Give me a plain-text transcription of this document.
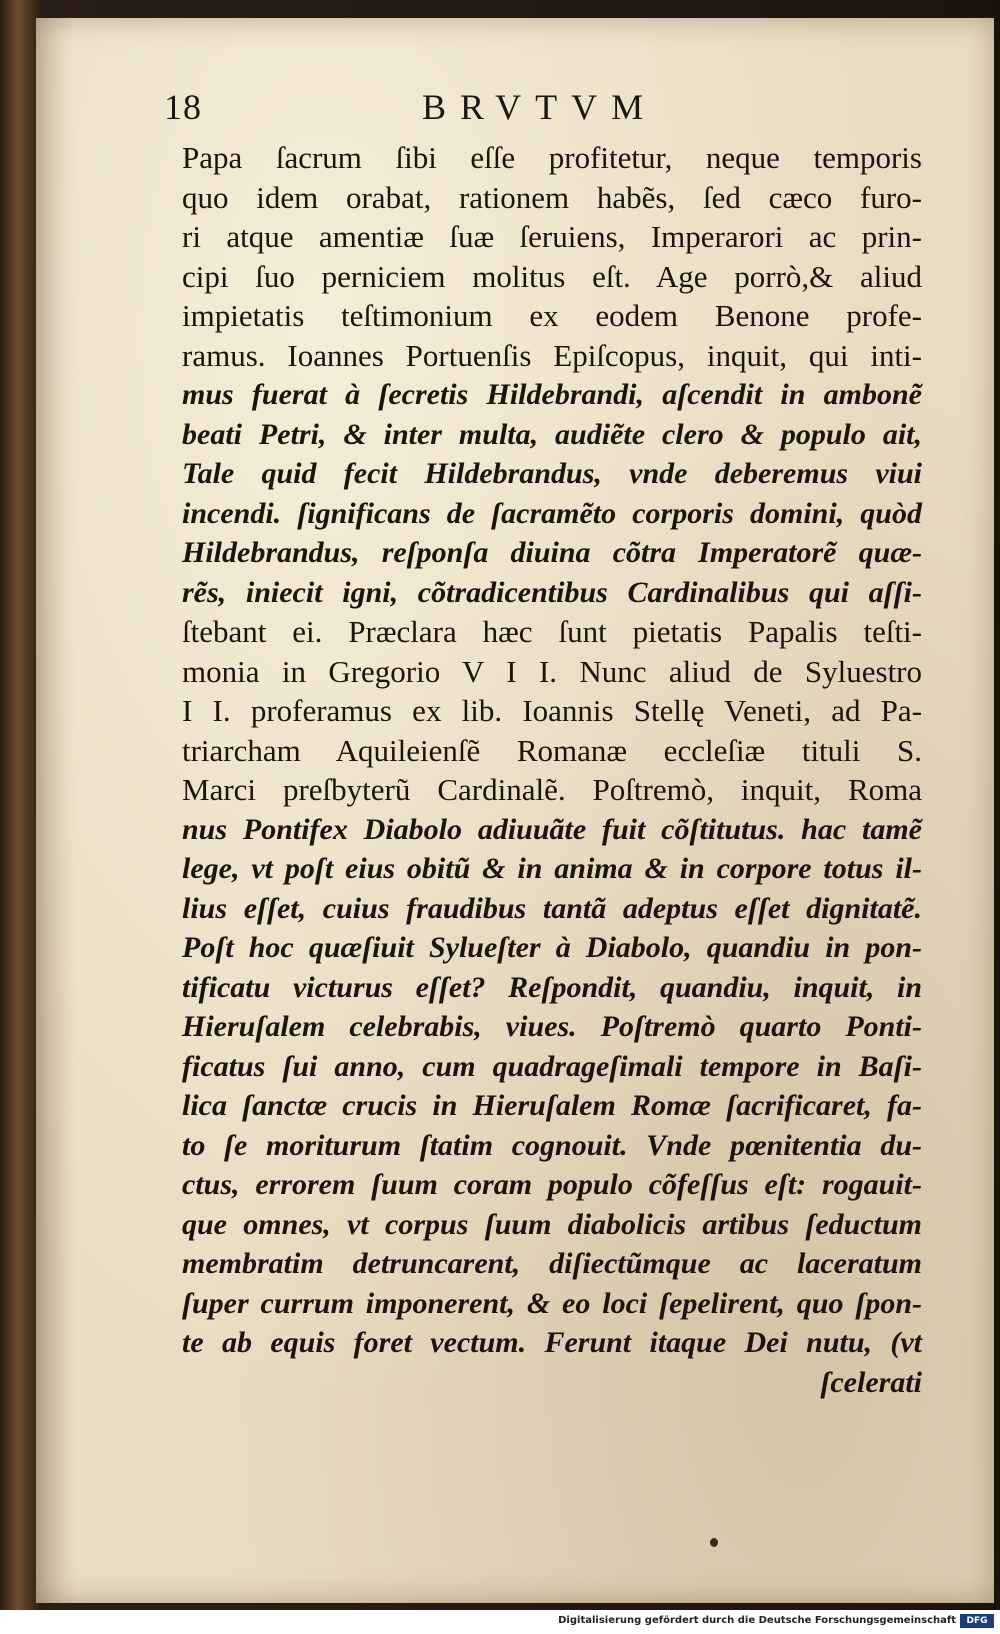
18	BRVTVM
Papa ſacrum ſibi eſſe profitetur, neque temporis
quo idem orabat, rationem habẽs, ſed cæco furo-
ri atque amentiæ ſuæ ſeruiens, Imperarori ac prin-
cipi ſuo perniciem molitus eſt. Age porrò,& aliud
impietatis teſtimonium ex eodem Benone profe-
ramus. Ioannes Portuenſis Epiſcopus, inquit, qui inti-
mus fuerat à ſecretis Hildebrandi, aſcendit in ambonẽ
beati Petri, & inter multa, audiẽte clero & populo ait,
Tale quid fecit Hildebrandus, vnde deberemus viui
incendi. ſignificans de ſacramẽto corporis domini, quòd
Hildebrandus, reſponſa diuina cõtra Imperatorẽ quæ-
rẽs, iniecit igni, cõtradicentibus Cardinalibus qui aſſi-
ſtebant ei. Præclara hæc ſunt pietatis Papalis teſti-
monia in Gregorio V I I. Nunc aliud de Syluestro
I I. proferamus ex lib. Ioannis Stellę Veneti, ad Pa-
triarcham Aquileienſẽ Romanæ eccleſiæ tituli S.
Marci preſbyterũ Cardinalẽ. Poſtremò, inquit, Roma
nus Pontifex Diabolo adiuuãte fuit cõſtitutus. hac tamẽ
lege, vt poſt eius obitũ & in anima & in corpore totus il-
lius eſſet, cuius fraudibus tantã adeptus eſſet dignitatẽ.
Poſt hoc quæſiuit Sylueſter à Diabolo, quandiu in pon-
tificatu victurus eſſet? Reſpondit, quandiu, inquit, in
Hieruſalem celebrabis, viues. Poſtremò quarto Ponti-
ficatus ſui anno, cum quadrageſimali tempore in Baſi-
lica ſanctæ crucis in Hieruſalem Romæ ſacrificaret, fa-
to ſe moriturum ſtatim cognouit. Vnde pœnitentia du-
ctus, errorem ſuum coram populo cõfeſſus eſt: rogauit-
que omnes, vt corpus ſuum diabolicis artibus ſeductum
membratim detruncarent, diſiectũmque ac laceratum
ſuper currum imponerent, & eo loci ſepelirent, quo ſpon-
te ab equis foret vectum. Ferunt itaque Dei nutu, (vt
ſcelerati
Digitalisierung gefördert durch die Deutsche Forschungsgemeinschaft	DFG
